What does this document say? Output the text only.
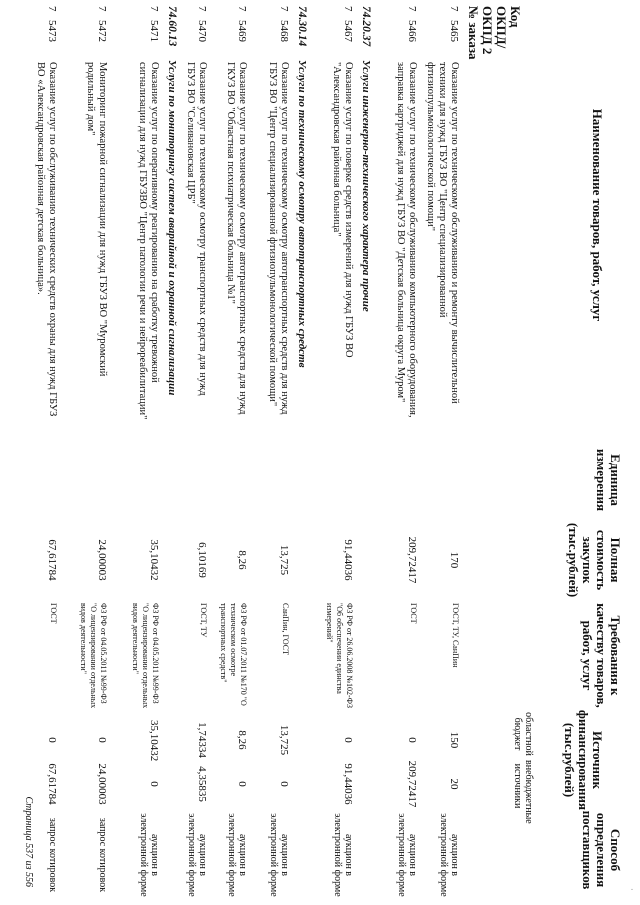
Код ОКПД/ ОКПД 2 № заказа
Наименование товаров, работ, услуг
Единица измерения
Полная стоимость закупок (тыс.рублей)
Требования к качеству товаров, работ, услуг
Способ определения поставщиков
Источник финансирования (тыс.рублей)
областной бюджет
внебюджетные источники
7
5465
Оказание услуг по техническому обслуживанию и ремонту вычислительной техники для нужд ГБУЗ ВО "Центр специализированной фтизиопульмонологической помощи"
170
ГОСТ, ТУ, СанПин
150
20
аукцион в электронной форме
7
5466
Оказание услуг по техническому обслуживанию компьютерного оборудования, заправка картриджей для нужд ГБУЗ ВО "Детская больница округа Муром"
209,72417
ГОСТ
0
209,72417
аукцион в электронной форме
74.20.37
Услуги инженерно-технического характера прочие
7
5467
Оказание услуг по поверке средств измерений для нужд ГБУЗ ВО "Александровская районная больница"
91,44036
ФЗ РФ от 26.06.2008 №102-ФЗ "Об обеспечении единства измерений"
0
91,44036
аукцион в электронной форме
74.30.14
Услуги по техническому осмотру автотранспортных средств
7
5468
Оказание услуг по техническому осмотру автотранспортных средств для нужд ГБУЗ ВО "Центр специализированной фтизиопульмонологической помощи"
13,725
СанПин, ГОСТ
13,725
0
аукцион в электронной форме
7
5469
Оказание услуг по техническому осмотру автотранспортных средств для нужд ГКУЗ ВО "Областная психиатрическая больница №1"
8,26
ФЗ РФ от 01.07.2011 №170 "О техническом осмотре транспортных средств"
8,26
0
аукцион в электронной форме
7
5470
Оказание услуг по техническому осмотру транспортных средств для нужд ГБУЗ ВО "Селивановская ЦРБ"
6,10169
ГОСТ, ТУ
1,74334
4,35835
аукцион в электронной форме
74.60.13
Услуги по мониторингу систем аварийной и охранной сигнализации
7
5471
Оказание услуг по оперативному реагированию на сработку тревожной сигнализации для нужд ГБУЗВО "Центр патологии речи и нейрореабилитации"
35,10432
ФЗ РФ от 04.05.2011 №99-ФЗ "О лицензировании отдельных видов деятельности"
35,10432
0
аукцион в электронной форме
7
5472
Мониторинг пожарной сигнализации для нужд ГБУЗ ВО "Муромский родильный дом"
24,00003
ФЗ РФ от 04.05.2011 №99-ФЗ "О лицензировании отдельных видов деятельности"
0
24,00003
запрос котировок
7
5473
Оказание услуг по обслуживанию технических средств охраны для нужд ГБУЗ ВО «Александровская районная детская больница».
67,61784
ГОСТ
0
67,61784
запрос котировок
Страница 537 из 556
·
